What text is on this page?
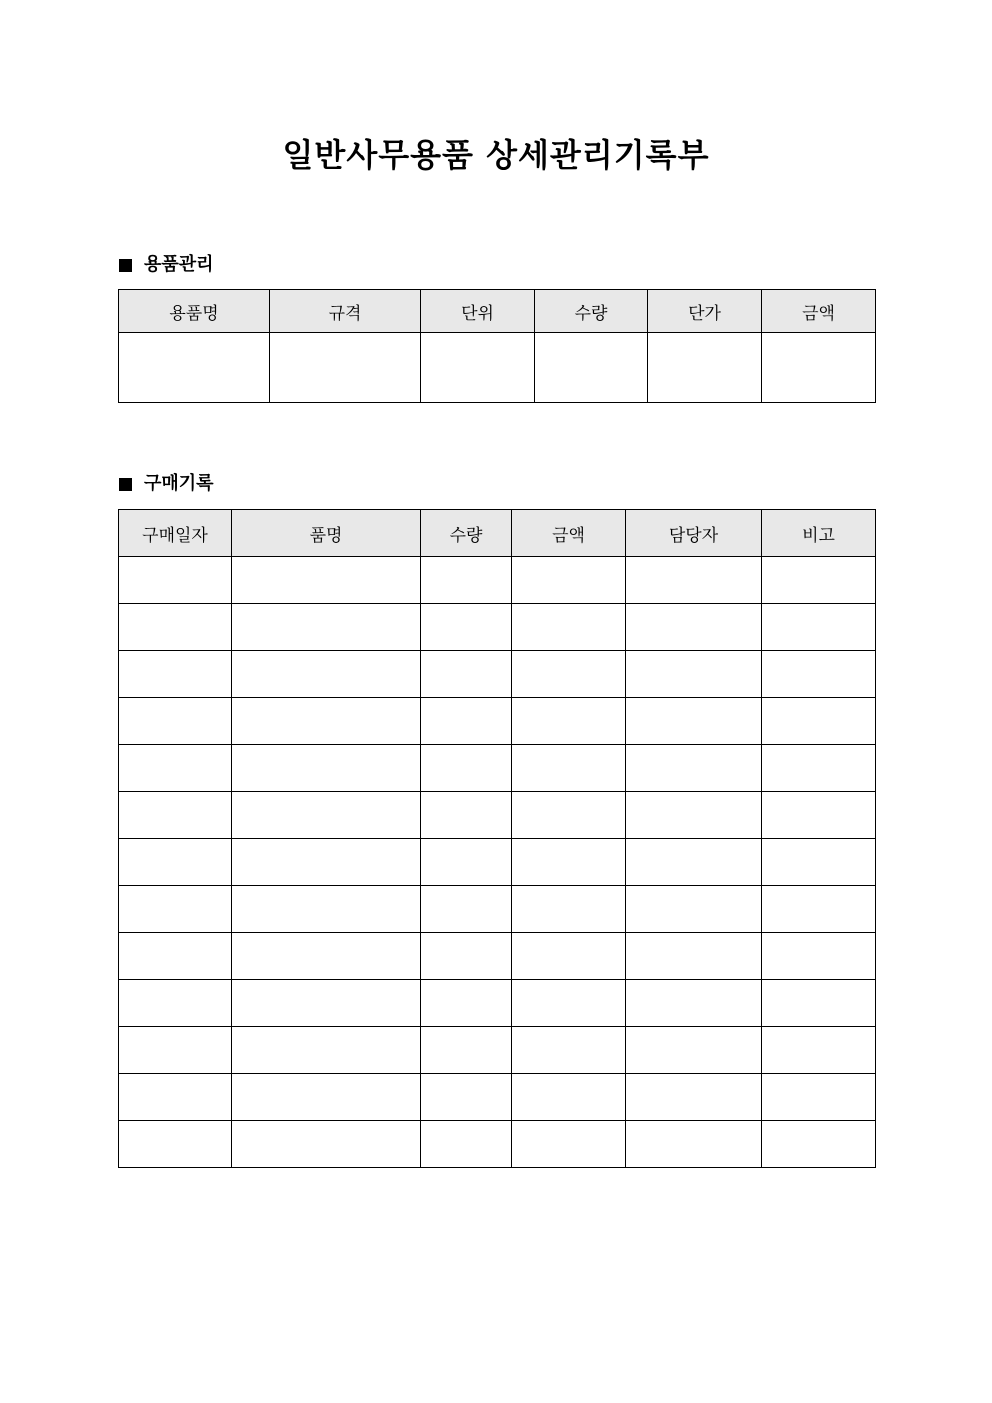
일반사무용품 상세관리기록부
용품관리
용품명	규격	단위	수량	단가	금액

구매기록
구매일자	품명	수량	금액	담당자	비고
